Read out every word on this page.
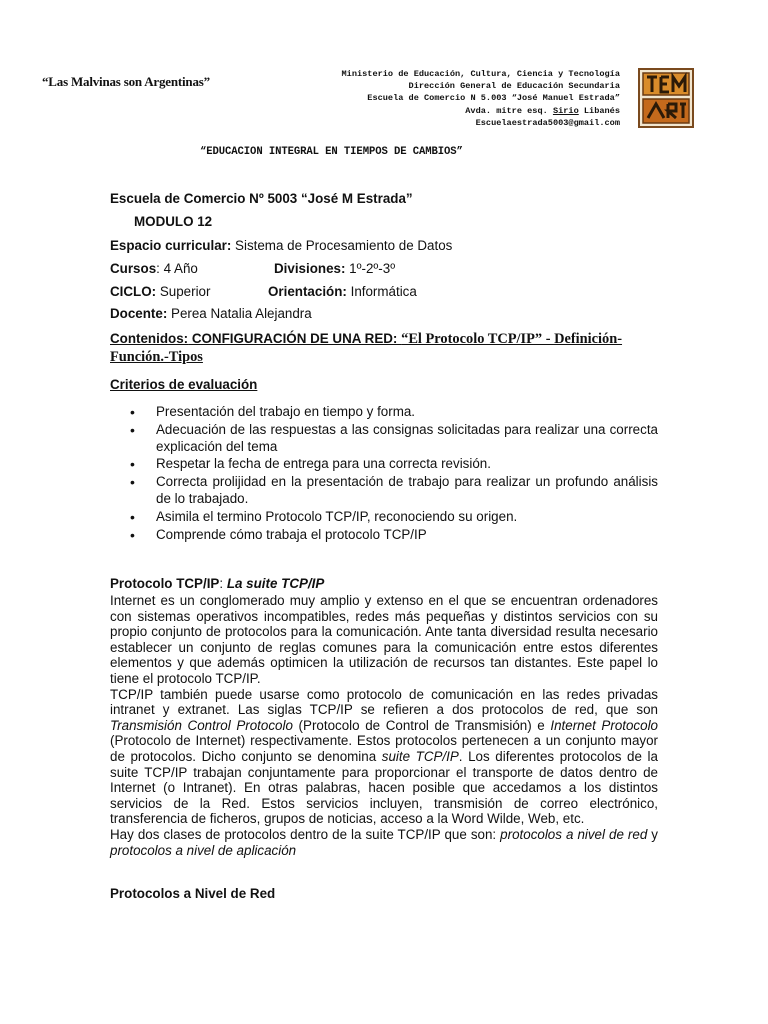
“Las Malvinas son Argentinas”	Ministerio de Educación, Cultura, Ciencia y Tecnología
Dirección General de Educación Secundaria
Escuela de Comercio N 5.003 “José Manuel Estrada”
Avda. mitre esq. Sirio Libanés
Escuelaestrada5003@gmail.com
“EDUCACION INTEGRAL EN TIEMPOS DE CAMBIOS”
Escuela de Comercio Nº 5003 “José M Estrada”
MODULO 12
Espacio curricular: Sistema de Procesamiento de Datos
Cursos: 4 Año	Divisiones: 1º-2º-3º
CICLO: Superior	Orientación: Informática
Docente: Perea Natalia Alejandra
Contenidos: CONFIGURACIÓN DE UNA RED: “El Protocolo TCP/IP” - Definición-Función.-Tipos
Criterios de evaluación
• Presentación del trabajo en tiempo y forma.
• Adecuación de las respuestas a las consignas solicitadas para realizar una correcta explicación del tema
• Respetar la fecha de entrega para una correcta revisión.
• Correcta prolijidad en la presentación de trabajo para realizar un profundo análisis de lo trabajado.
• Asimila el termino Protocolo TCP/IP, reconociendo su origen.
• Comprende cómo trabaja el protocolo TCP/IP
Protocolo TCP/IP: La suite TCP/IP

Internet es un conglomerado muy amplio y extenso en el que se encuentran ordenadores con sistemas operativos incompatibles, redes más pequeñas y distintos servicios con su propio conjunto de protocolos para la comunicación. Ante tanta diversidad resulta necesario establecer un conjunto de reglas comunes para la comunicación entre estos diferentes elementos y que además optimicen la utilización de recursos tan distantes. Este papel lo tiene el protocolo TCP/IP.

TCP/IP también puede usarse como protocolo de comunicación en las redes privadas intranet y extranet. Las siglas TCP/IP se refieren a dos protocolos de red, que son Transmisión Control Protocolo (Protocolo de Control de Transmisión) e Internet Protocolo (Protocolo de Internet) respectivamente. Estos protocolos pertenecen a un conjunto mayor de protocolos. Dicho conjunto se denomina suite TCP/IP. Los diferentes protocolos de la suite TCP/IP trabajan conjuntamente para proporcionar el transporte de datos dentro de Internet (o Intranet). En otras palabras, hacen posible que accedamos a los distintos servicios de la Red. Estos servicios incluyen, transmisión de correo electrónico, transferencia de ficheros, grupos de noticias, acceso a la Word Wilde, Web, etc.

Hay dos clases de protocolos dentro de la suite TCP/IP que son: protocolos a nivel de red y protocolos a nivel de aplicación

Protocolos a Nivel de Red
